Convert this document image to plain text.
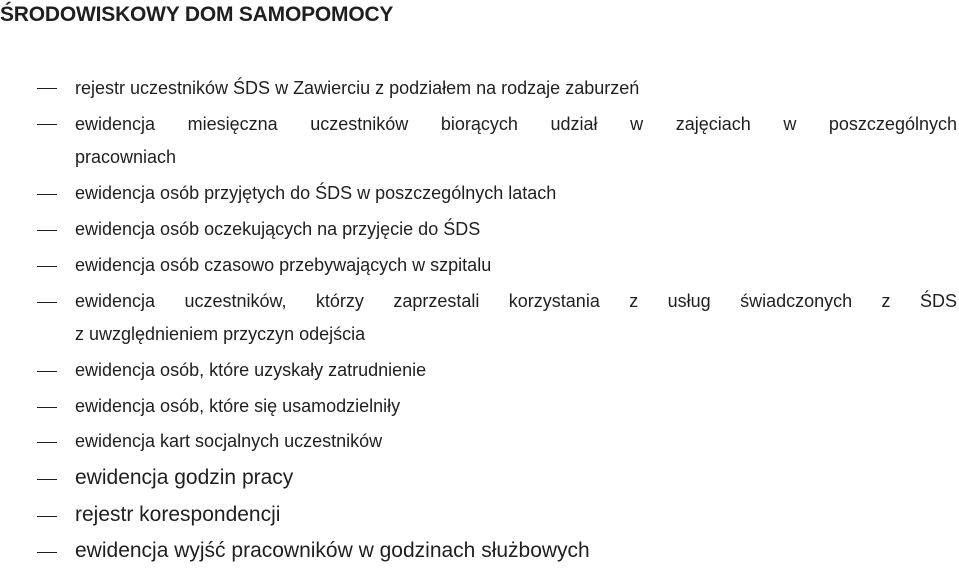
ŚRODOWISKOWY DOM SAMOPOMOCY
rejestr uczestników ŚDS w Zawierciu z podziałem na rodzaje zaburzeń
ewidencja miesięczna uczestników biorących udział w zajęciach w poszczególnych
pracowniach
ewidencja osób przyjętych do ŚDS w poszczególnych latach
ewidencja osób oczekujących na przyjęcie do ŚDS
ewidencja osób czasowo przebywających w szpitalu
ewidencja uczestników, którzy zaprzestali korzystania z usług świadczonych z ŚDS
z uwzględnieniem przyczyn odejścia
ewidencja osób, które uzyskały zatrudnienie
ewidencja osób, które się usamodzielniły
ewidencja kart socjalnych uczestników
ewidencja godzin pracy
rejestr korespondencji
ewidencja wyjść pracowników w godzinach służbowych
